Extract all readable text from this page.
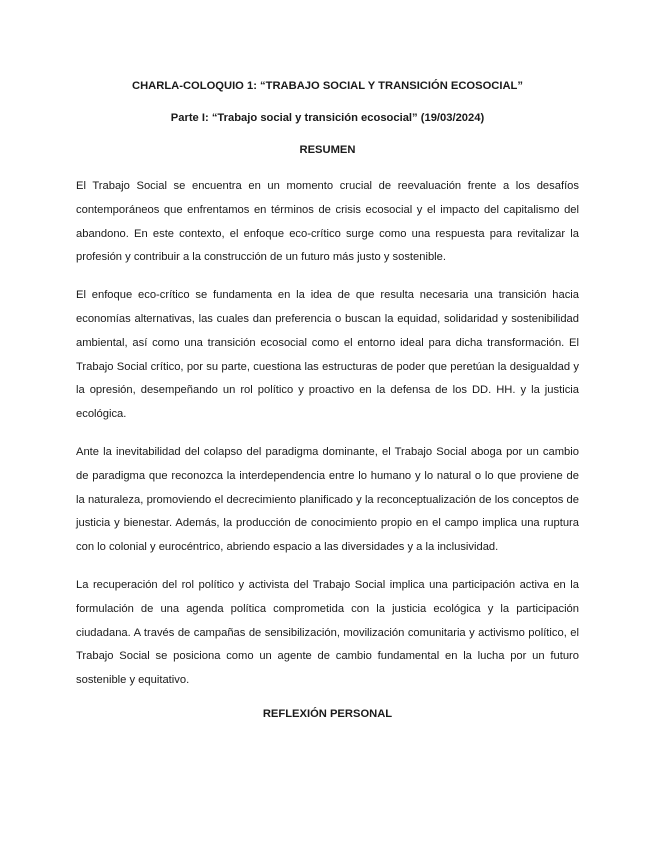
CHARLA-COLOQUIO 1: “TRABAJO SOCIAL Y TRANSICIÓN ECOSOCIAL”
Parte I: “Trabajo social y transición ecosocial” (19/03/2024)
RESUMEN

El Trabajo Social se encuentra en un momento crucial de reevaluación frente a los desafíos contemporáneos que enfrentamos en términos de crisis ecosocial y el impacto del capitalismo del abandono. En este contexto, el enfoque eco-crítico surge como una respuesta para revitalizar la profesión y contribuir a la construcción de un futuro más justo y sostenible.

El enfoque eco-crítico se fundamenta en la idea de que resulta necesaria una transición hacia economías alternativas, las cuales dan preferencia o buscan la equidad, solidaridad y sostenibilidad ambiental, así como una transición ecosocial como el entorno ideal para dicha transformación. El Trabajo Social crítico, por su parte, cuestiona las estructuras de poder que peretúan la desigualdad y la opresión, desempeñando un rol político y proactivo en la defensa de los DD. HH. y la justicia ecológica.

Ante la inevitabilidad del colapso del paradigma dominante, el Trabajo Social aboga por un cambio de paradigma que reconozca la interdependencia entre lo humano y lo natural o lo que proviene de la naturaleza, promoviendo el decrecimiento planificado y la reconceptualización de los conceptos de justicia y bienestar. Además, la producción de conocimiento propio en el campo implica una ruptura con lo colonial y eurocéntrico, abriendo espacio a las diversidades y a la inclusividad.

La recuperación del rol político y activista del Trabajo Social implica una participación activa en la formulación de una agenda política comprometida con la justicia ecológica y la participación ciudadana. A través de campañas de sensibilización, movilización comunitaria y activismo político, el Trabajo Social se posiciona como un agente de cambio fundamental en la lucha por un futuro sostenible y equitativo.

REFLEXIÓN PERSONAL
